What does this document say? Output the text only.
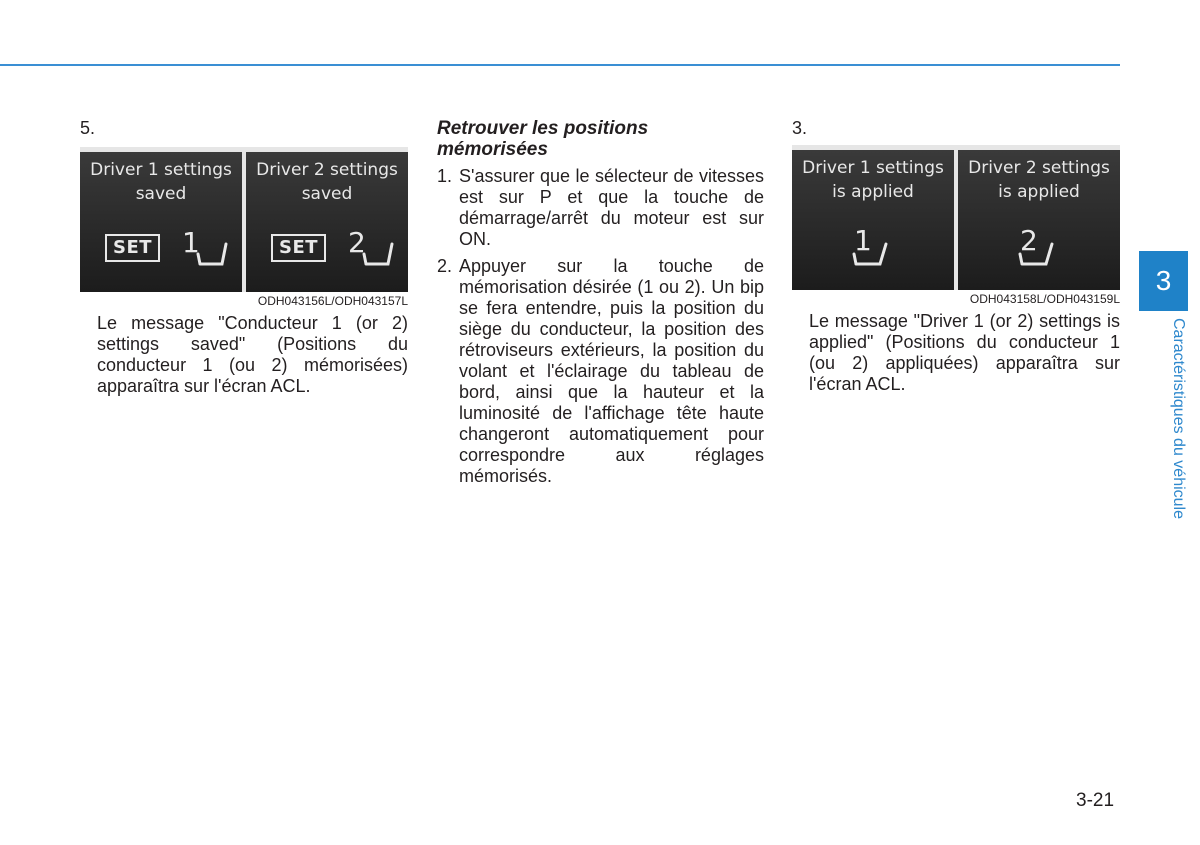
5.

Driver 1 settings
saved
SET 1
Driver 2 settings
saved
SET 2
ODH043156L/ODH043157L

Le message "Conducteur 1 (or 2) settings saved" (Positions du conducteur 1 (ou 2) mémorisées) apparaîtra sur l'écran ACL.

Retrouver les positions
mémorisées

1. S'assurer que le sélecteur de vitesses est sur P et que la touche de démarrage/arrêt du moteur est sur ON.
2. Appuyer sur la touche de mémorisation désirée (1 ou 2). Un bip se fera entendre, puis la position du siège du conducteur, la position des rétroviseurs extérieurs, la position du volant et l'éclairage du tableau de bord, ainsi que la hauteur et la luminosité de l'affichage tête haute changeront automatiquement pour correspondre aux réglages mémorisés.

3.

Driver 1 settings
is applied
1
Driver 2 settings
is applied
2
ODH043158L/ODH043159L

Le message "Driver 1 (or 2) settings is applied" (Positions du conducteur 1 (ou 2) appliquées) apparaîtra sur l'écran ACL.

3
Caractéristiques du véhicule
3-21
